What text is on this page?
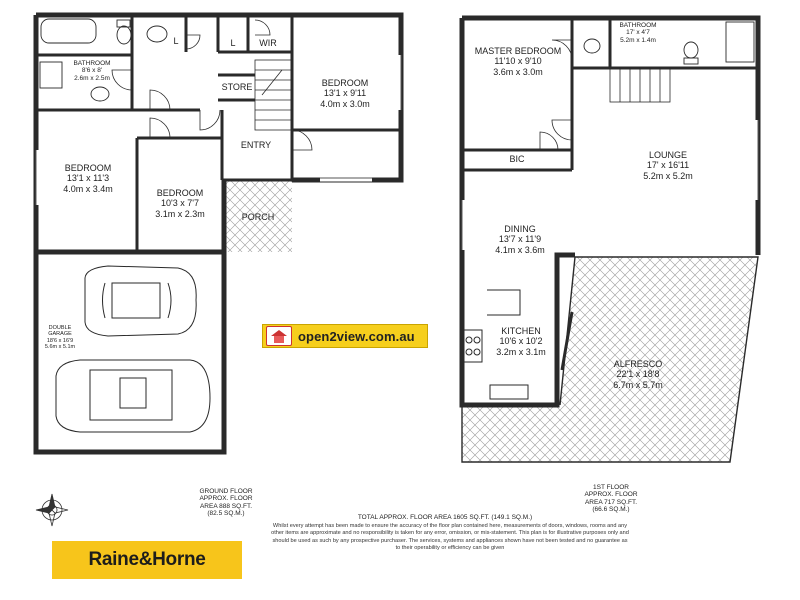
BATHROOM
8'6 x 8'
2.6m x 2.5m
L	L	WIR
STORE
ENTRY
PORCH
BEDROOM
13'1 x 9'11
4.0m x 3.0m
BEDROOM
13'1 x 11'3
4.0m x 3.4m	BEDROOM
10'3 x 7'7
3.1m x 2.3m
DOUBLE
GARAGE
18'6 x 16'9
5.6m x 5.1m
MASTER BEDROOM
11'10 x 9'10
3.6m x 3.0m
BATHROOM
17' x 4'7
5.2m x 1.4m
BIC	LOUNGE
17' x 16'11
5.2m x 5.2m
DINING
13'7 x 11'9
4.1m x 3.6m
KITCHEN
10'6 x 10'2
3.2m x 3.1m
ALFRESCO
22'1 x 18'8
6.7m x 5.7m
open2view.com.au
GROUND FLOOR
APPROX. FLOOR
AREA 888 SQ.FT.
(82.5 SQ.M.)
1ST FLOOR
APPROX. FLOOR
AREA 717 SQ.FT.
(66.6 SQ.M.)
TOTAL APPROX. FLOOR AREA 1605 SQ.FT. (149.1 SQ.M.)
Whilst every attempt has been made to ensure the accuracy of the floor plan contained here, measurements of doors, windows, rooms and any other items are approximate and no responsibility is taken for any error, omission, or mis-statement. This plan is for illustrative purposes only and should be used as such by any prospective purchaser. The services, systems and appliances shown have not been tested and no guarantee as to their operability or efficiency can be given
Raine&Horne
